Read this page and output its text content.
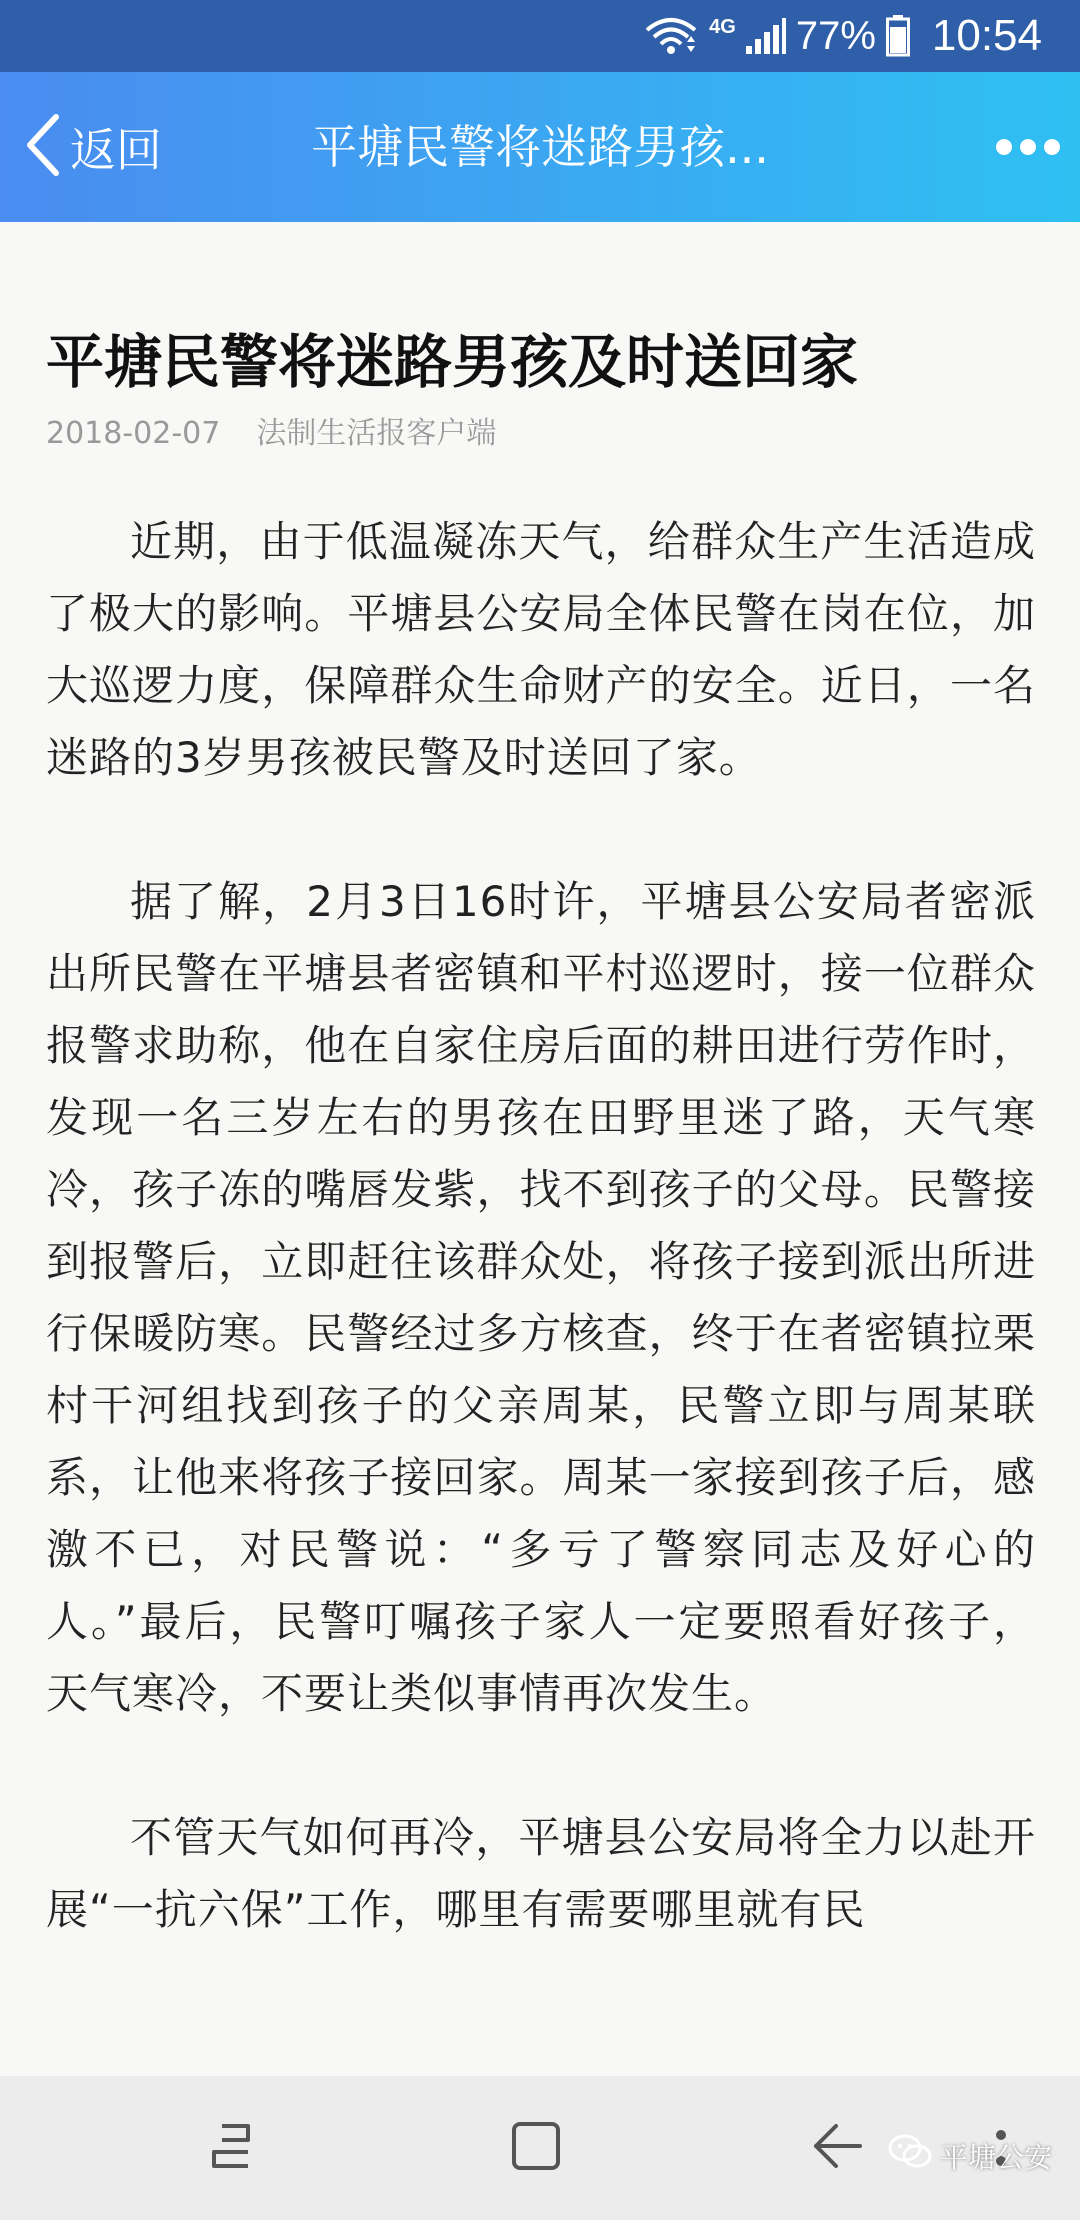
4G 77% 10:54
返回	平塘民警将迷路男孩...
平塘民警将迷路男孩及时送回家
2018-02-07 法制生活报客户端

近期，由于低温凝冻天气，给群众生产生活造成了极大的影响。平塘县公安局全体民警在岗在位，加大巡逻力度，保障群众生命财产的安全。近日，一名迷路的3岁男孩被民警及时送回了家。

据了解，2月3日16时许，平塘县公安局者密派出所民警在平塘县者密镇和平村巡逻时，接一位群众报警求助称，他在自家住房后面的耕田进行劳作时，发现一名三岁左右的男孩在田野里迷了路，天气寒冷，孩子冻的嘴唇发紫，找不到孩子的父母。民警接到报警后，立即赶往该群众处，将孩子接到派出所进行保暖防寒。民警经过多方核查，终于在者密镇拉栗村干河组找到孩子的父亲周某，民警立即与周某联系，让他来将孩子接回家。周某一家接到孩子后，感激不已，对民警说：“多亏了警察同志及好心的人。”最后，民警叮嘱孩子家人一定要照看好孩子，天气寒冷，不要让类似事情再次发生。

不管天气如何再冷，平塘县公安局将全力以赴开展“一抗六保”工作，哪里有需要哪里就有民

平塘公安
